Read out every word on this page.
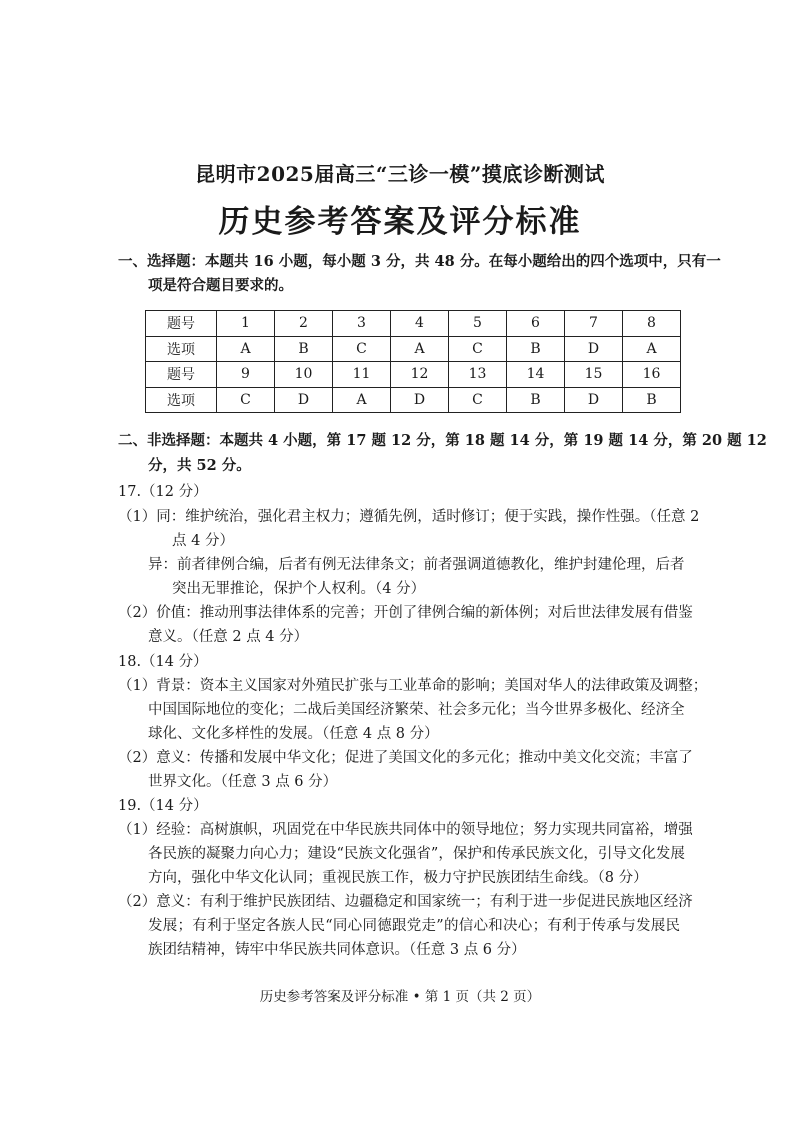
昆明市2025届高三“三诊一模”摸底诊断测试
历史参考答案及评分标准
一、选择题：本题共 16 小题，每小题 3 分，共 48 分。在每小题给出的四个选项中，只有一
项是符合题目要求的。
题号	1	2	3	4	5	6	7	8
选项	A	B	C	A	C	B	D	A
题号	9	10	11	12	13	14	15	16
选项	C	D	A	D	C	B	D	B
二、非选择题：本题共 4 小题，第 17 题 12 分，第 18 题 14 分，第 19 题 14 分，第 20 题 12
分，共 52 分。
17.（12 分）
（1）同：维护统治，强化君主权力；遵循先例，适时修订；便于实践，操作性强。（任意 2
点 4 分）
异：前者律例合编，后者有例无法律条文；前者强调道德教化，维护封建伦理，后者
突出无罪推论，保护个人权利。（4 分）
（2）价值：推动刑事法律体系的完善；开创了律例合编的新体例；对后世法律发展有借鉴
意义。（任意 2 点 4 分）
18.（14 分）
（1）背景：资本主义国家对外殖民扩张与工业革命的影响；美国对华人的法律政策及调整；
中国国际地位的变化；二战后美国经济繁荣、社会多元化；当今世界多极化、经济全
球化、文化多样性的发展。（任意 4 点 8 分）
（2）意义：传播和发展中华文化；促进了美国文化的多元化；推动中美文化交流；丰富了
世界文化。（任意 3 点 6 分）
19.（14 分）
（1）经验：高树旗帜，巩固党在中华民族共同体中的领导地位；努力实现共同富裕，增强
各民族的凝聚力向心力；建设“民族文化强省”，保护和传承民族文化，引导文化发展
方向，强化中华文化认同；重视民族工作，极力守护民族团结生命线。（8 分）
（2）意义：有利于维护民族团结、边疆稳定和国家统一；有利于进一步促进民族地区经济
发展；有利于坚定各族人民“同心同德跟党走”的信心和决心；有利于传承与发展民
族团结精神，铸牢中华民族共同体意识。（任意 3 点 6 分）
历史参考答案及评分标准 • 第 1 页（共 2 页）
